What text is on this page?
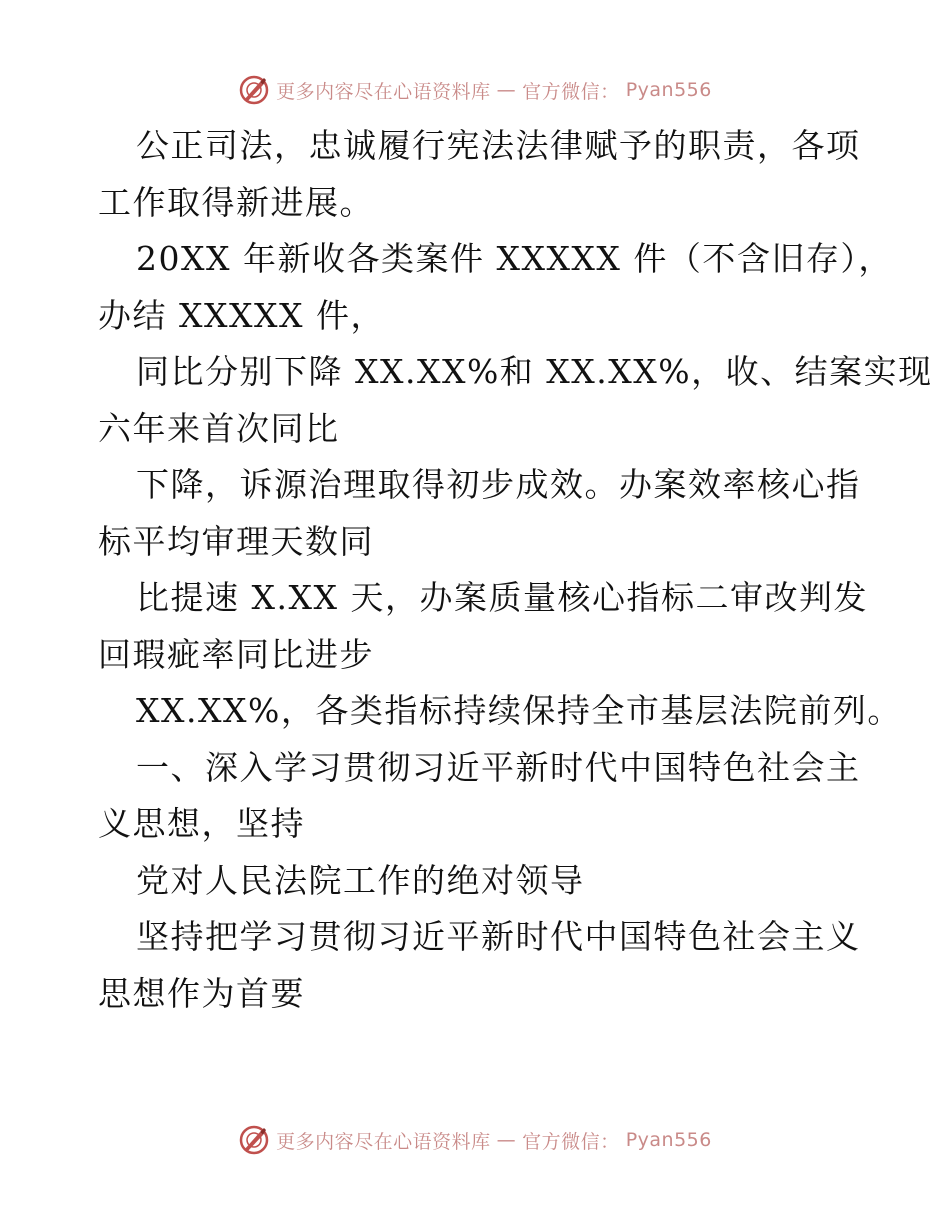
更多内容尽在心语资料库 — 官方微信： Pyan556
公正司法，忠诚履行宪法法律赋予的职责，各项
工作取得新进展。
20XX 年新收各类案件 XXXXX 件（不含旧存），
办结 XXXXX 件，
同比分别下降 XX.XX%和 XX.XX%，收、结案实现
六年来首次同比
下降，诉源治理取得初步成效。办案效率核心指
标平均审理天数同
比提速 X.XX 天，办案质量核心指标二审改判发
回瑕疵率同比进步
XX.XX%，各类指标持续保持全市基层法院前列。
一、深入学习贯彻习近平新时代中国特色社会主
义思想，坚持
党对人民法院工作的绝对领导
坚持把学习贯彻习近平新时代中国特色社会主义
思想作为首要
更多内容尽在心语资料库 — 官方微信： Pyan556
